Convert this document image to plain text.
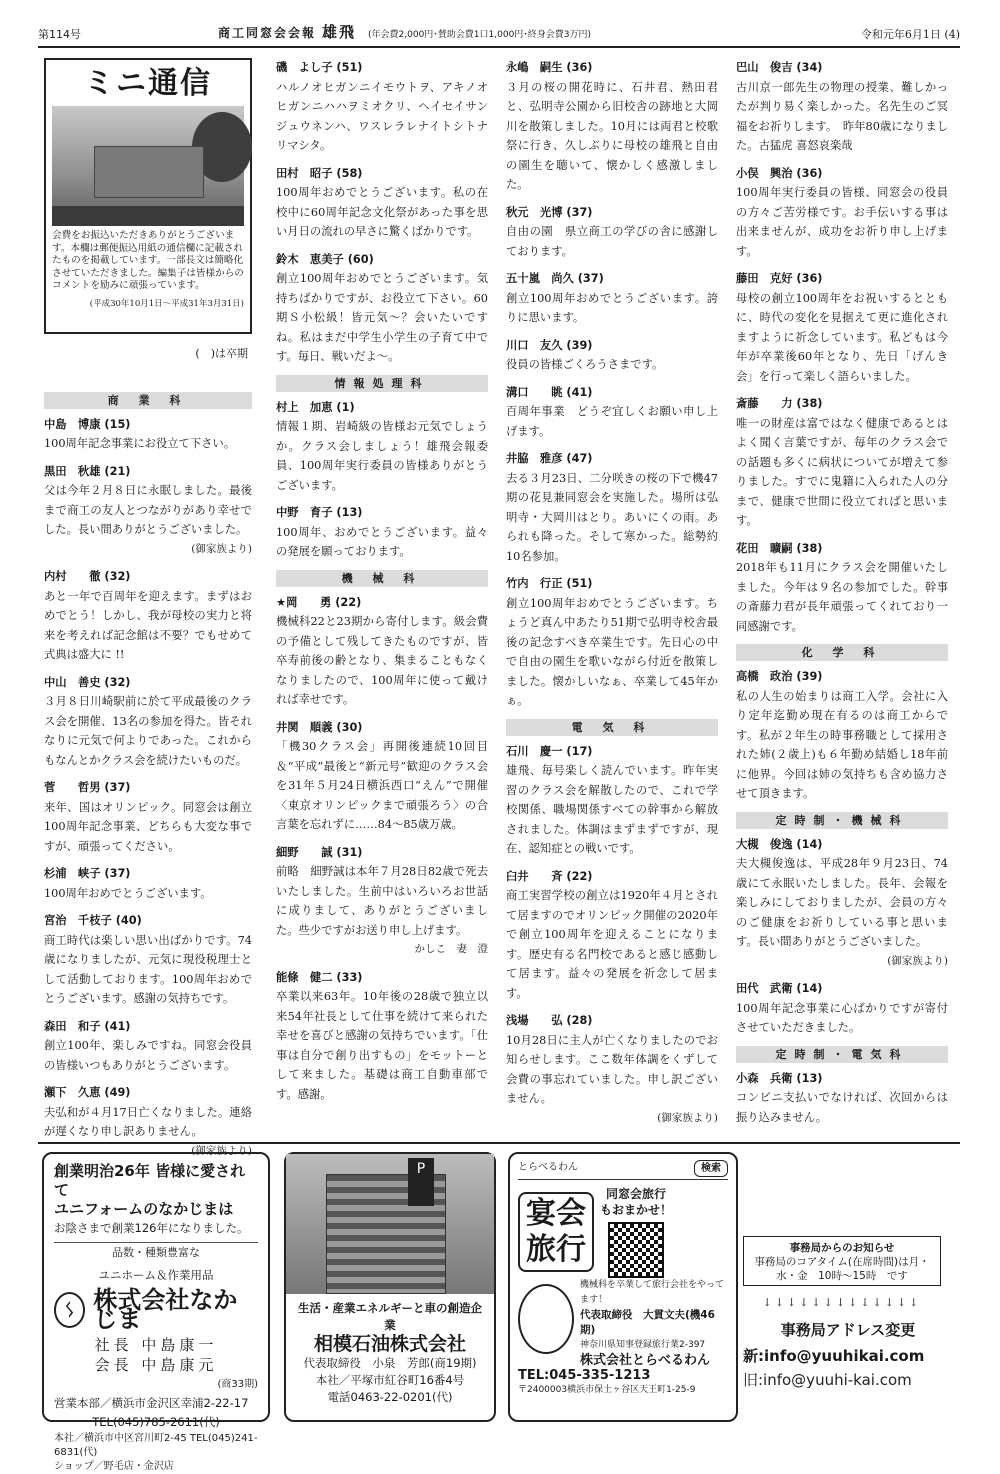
第114号	商工同窓会会報 雄飛 (年会費2,000円･賛助会費1口1,000円･終身会費3万円)	令和元年6月1日 (4)
ミニ通信
会費をお振込いただきありがとうございます。本欄は郵便振込用紙の通信欄に記載されたものを掲載しています。一部長文は簡略化させていただきました。編集子は皆様からのコメントを励みに頑張っています。
(平成30年10月1日〜平成31年3月31日)
(　)は卒期
商 業 科
中島　博康 (15)
100周年記念事業にお役立て下さい。
黒田　秋雄 (21)
父は今年２月８日に永眠しました。最後まで商工の友人とつながりがあり幸せでした。長い間ありがとうございました。
(御家族より)
内村　　徹 (32)
あと一年で百周年を迎えます。まずはおめでとう！しかし、我が母校の実力と将来を考えれば記念館は不要？でもせめて式典は盛大に !!
中山　善史 (32)
３月８日川崎駅前に於て平成最後のクラス会を開催、13名の参加を得た。皆それなりに元気で何よりであった。これからもなんとかクラス会を続けたいものだ。
菅　　哲男 (37)
来年、国はオリンピック。同窓会は創立100周年記念事業、どちらも大変な事ですが、頑張ってください。
杉浦　峡子 (37)
100周年おめでとうございます。
宮治　千枝子 (40)
商工時代は楽しい思い出ばかりです。74歳になりましたが、元気に現役税理士として活動しております。100周年おめでとうございます。感謝の気持ちです。
森田　和子 (41)
創立100年、楽しみですね。同窓会役員の皆様いつもありがとうございます。
瀬下　久恵 (49)
夫弘和が４月17日亡くなりました。連絡が遅くなり申し訳ありません。
(御家族より)
磯　よし子 (51)
ハルノオヒガンニイモウトヲ、アキノオヒガンニハハヲミオクリ、ヘイセイサンジュウネンハ、ワスレラレナイトシトナリマシタ。
田村　昭子 (58)
100周年おめでとうございます。私の在校中に60周年記念文化祭があった事を思い月日の流れの早さに驚くばかりです。
鈴木　恵美子 (60)
創立100周年おめでとうございます。気持ちばかりですが、お役立て下さい。60期Ｓ小松級！皆元気〜？会いたいですね。私はまだ中学生小学生の子育て中です。毎日、戦いだよ〜。
情報処理科
村上　加恵 (1)
情報１期、岩崎級の皆様お元気でしょうか。クラス会しましょう！雄飛会報委員、100周年実行委員の皆様ありがとうございます。
中野　育子 (13)
100周年、おめでとうございます。益々の発展を願っております。
機 械 科
★岡　　勇 (22)
機械科22と23期から寄付します。級会費の予備として残してきたものですが、皆卒寿前後の齢となり、集まることもなくなりましたので、100周年に使って戴ければ幸せです。
井関　順義 (30)
「機30クラス会」再開後連続10回目＆“平成”最後と“新元号”歓迎のクラス会を31年５月24日横浜西口“えん”で開催〈東京オリンピックまで頑張ろう〉の合言葉を忘れずに……84〜85歳万歳。
細野　　誠 (31)
前略　細野誠は本年７月28日82歳で死去いたしました。生前中はいろいろお世話に成りまして、ありがとうございました。些少ですがお送り申し上げます。
かしこ　妻　澄
能條　健二 (33)
卒業以来63年。10年後の28歳で独立以来54年社長として仕事を続けて来られた幸せを喜びと感謝の気持ちでいます。「仕事は自分で創り出すもの」をモットーとして来ました。基礎は商工自動車部です。感謝。
永嶋　嗣生 (36)
３月の桜の開花時に、石井君、熱田君と、弘明寺公園から旧校舎の跡地と大岡川を散策しました。10月には両君と校歌祭に行き、久しぶりに母校の雄飛と自由の園生を聴いて、懐かしく感激しました。
秋元　光博 (37)
自由の園　県立商工の学びの舎に感謝しております。
五十嵐　尚久 (37)
創立100周年おめでとうございます。誇りに思います。
川口　友久 (39)
役員の皆様ごくろうさまです。
溝口　　眺 (41)
百周年事業　どうぞ宜しくお願い申し上げます。
井脇　雅彦 (47)
去る３月23日、二分咲きの桜の下で機47期の花見兼同窓会を実施した。場所は弘明寺・大岡川はとり。あいにくの雨。あられも降った。そして寒かった。総勢約10名参加。
竹内　行正 (51)
創立100周年おめでとうございます。ちょうど真ん中あたり51期で弘明寺校舎最後の記念すべき卒業生です。先日心の中で自由の園生を歌いながら付近を散策しました。懐かしいなぁ、卒業して45年かぁ。
電 気 科
石川　慶一 (17)
雄飛、毎号楽しく読んでいます。昨年実習のクラス会を解散したので、これで学校関係、職場関係すべての幹事から解放されました。体調はまずまずですが、現在、認知症との戦いです。
臼井　　斉 (22)
商工実習学校の創立は1920年４月とされて居ますのでオリンピック開催の2020年で創立100周年を迎えることになります。歴史有る名門校であると感じ感動して居ます。益々の発展を祈念して居ます。
浅場　　弘 (28)
10月28日に主人が亡くなりましたのでお知らせします。ここ数年体調をくずして会費の事忘れていました。申し訳ございません。
(御家族より)
巴山　俊吉 (34)
古川京一郎先生の物理の授業、難しかったが判り易く楽しかった。名先生のご冥福をお祈りします。　昨年80歳になりました。古猛虎 喜怒哀楽哉
小俣　興治 (36)
100周年実行委員の皆様、同窓会の役員の方々ご苦労様です。お手伝いする事は出来ませんが、成功をお祈り申し上げます。
藤田　克好 (36)
母校の創立100周年をお祝いするとともに、時代の変化を見据えて更に進化されますように祈念しています。私どもは今年が卒業後60年となり、先日「げんき会」を行って楽しく語らいました。
斎藤　　力 (38)
唯一の財産は富ではなく健康であるとはよく聞く言葉ですが、毎年のクラス会での話題も多くに病状についてが増えて参りました。すでに鬼籍に入られた人の分まで、健康で世間に役立てればと思います。
花田　曠嗣 (38)
2018年も11月にクラス会を開催いたしました。今年は９名の参加でした。幹事の斎藤力君が長年頑張ってくれており一同感謝です。
化 学 科
高橋　政治 (39)
私の人生の始まりは商工入学。会社に入り定年迄勤め現在有るのは商工からです。私が２年生の時事務職として採用された姉(２歳上)も６年勤め結婚し18年前に他界。今回は姉の気持ちも含め協力させて頂きます。
定時制・機械科
大槻　俊逸 (14)
夫大槻俊逸は、平成28年９月23日、74歳にて永眠いたしました。長年、会報を楽しみにしておりましたが、会員の方々のご健康をお祈りしている事と思います。長い間ありがとうございました。
(御家族より)
田代　武衛 (14)
100周年記念事業に心ばかりですが寄付させていただきました。
定時制・電気科
小森　兵衛 (13)
コンビニ支払いでなければ、次回からは振り込みません。
事務局からのお知らせ
事務局のコアタイム(在席時間)は月・水・金　10時〜15時　です
↓↓↓↓↓↓↓↓↓↓↓↓↓
事務局アドレス変更
新:info@yuuhikai.com
旧:info@yuuhi-kai.com
創業明治26年 皆様に愛されて
ユニフォームのなかじまは
お陰さまで創業126年になりました。
品数・種類豊富な
ユニホーム＆作業用品
ᛊ 株式会社なかじま
社長 中島康一
会長 中島康元
(商33期)
営業本部／横浜市金沢区幸浦2-22-17
TEL(045)785-2611(代)
本社／横浜市中区宮川町2-45 TEL(045)241-6831(代)
ショップ／野毛店・金沢店
P
生活・産業エネルギーと車の創造企業
相模石油株式会社
代表取締役　小泉　芳郎(商19期)
本社／平塚市紅谷町16番4号
電話0463-22-0201(代)
とらべるわん	検索
宴会
旅行
同窓会旅行
もおまかせ！
機械科を卒業して旅行会社をやってます！
代表取締役　大貫文夫(機46期)
神奈川県知事登録旅行業2-397
株式会社とらべるわん
TEL:045-335-1213
〒2400003横浜市保土ヶ谷区天王町1-25-9
